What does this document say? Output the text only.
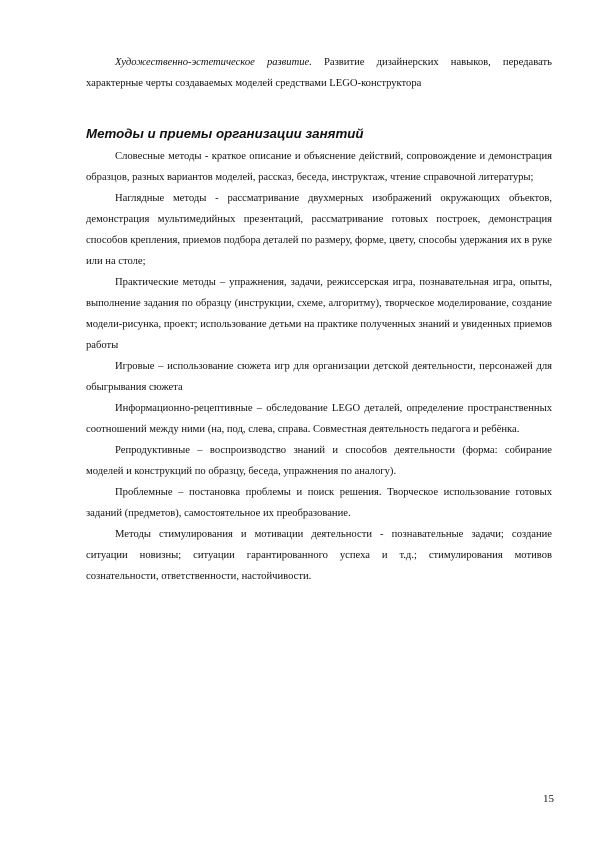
Художественно-эстетическое развитие. Развитие дизайнерских навыков, передавать характерные черты создаваемых моделей средствами LEGO-конструктора

Методы и приемы организации занятий

Словесные методы - краткое описание и объяснение действий, сопровождение и демонстрация образцов, разных вариантов моделей, рассказ, беседа, инструктаж, чтение справочной литературы;

Наглядные методы - рассматривание двухмерных изображений окружающих объектов, демонстрация мультимедийных презентаций, рассматривание готовых построек, демонстрация способов крепления, приемов подбора деталей по размеру, форме, цвету, способы удержания их в руке или на столе;

Практические методы – упражнения, задачи, режиссерская игра, познавательная игра, опыты, выполнение задания по образцу (инструкции, схеме, алгоритму), творческое моделирование, создание модели-рисунка, проект; использование детьми на практике полученных знаний и увиденных приемов работы

Игровые – использование сюжета игр для организации детской деятельности, персонажей для обыгрывания сюжета

Информационно-рецептивные – обследование LEGO деталей, определение пространственных соотношений между ними (на, под, слева, справа. Совместная деятельность педагога и ребёнка.

Репродуктивные – воспроизводство знаний и способов деятельности (форма: собирание моделей и конструкций по образцу, беседа, упражнения по аналогу).

Проблемные – постановка проблемы и поиск решения. Творческое использование готовых заданий (предметов), самостоятельное их преобразование.

Методы стимулирования и мотивации деятельности - познавательные задачи; создание ситуации новизны; ситуации гарантированного успеха и т.д.; стимулирования мотивов сознательности, ответственности, настойчивости.

15
